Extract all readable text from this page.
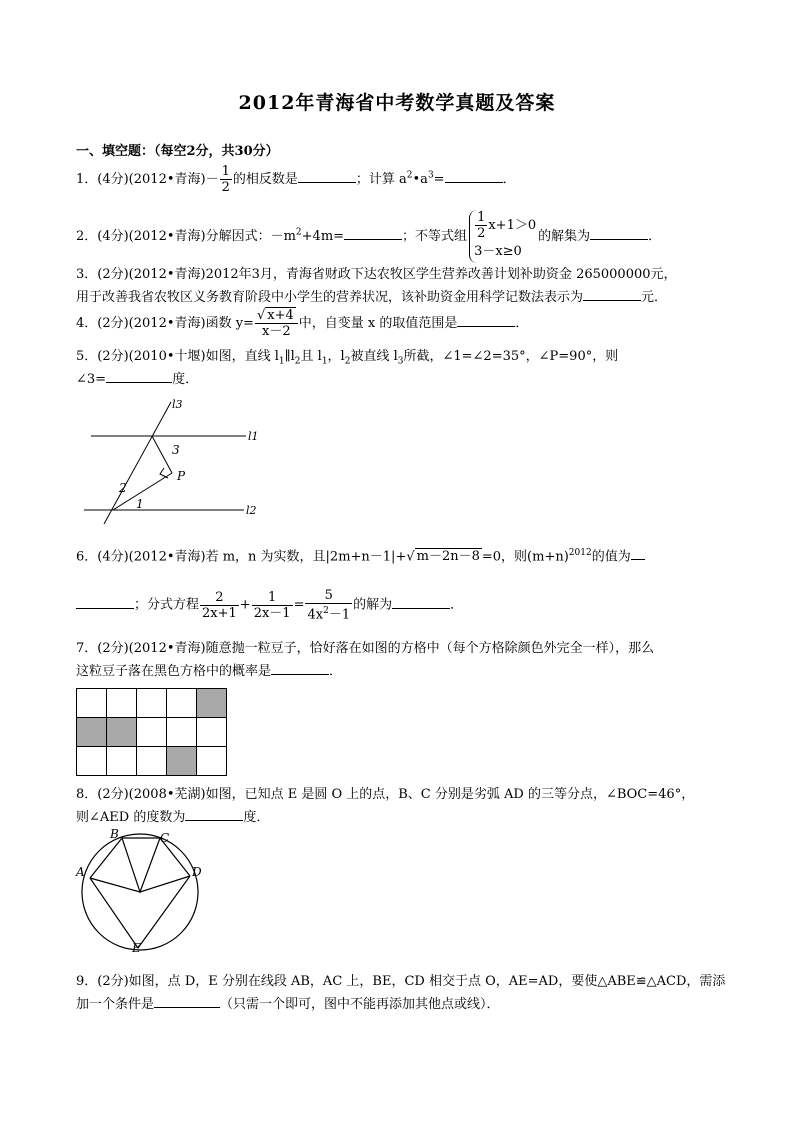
2012年青海省中考数学真题及答案
一、填空题：（每空2分，共30分）
1．(4分)(2012•青海)－ $\frac{1}{2}$ 的相反数是	；计算 $a^2•a^3=$	．
2．(4分)(2012•青海)分解因式：$-m^2+4m=$	；不等式组 $\frac{1}{2} x+1>0$
3－x≥0
的解集为	．
3．(2分)(2012•青海)2012年3月，青海省财政下达农牧区学生营养改善计划补助资金 265000000元，
用于改善我省农牧区义务教育阶段中小学生的营养状况，该补助资金用科学记数法表示为	元．
4．(2分)(2012•青海)函数 $y= \frac{√ x+4}{x-2}$ 中，自变量 x 的取值范围是	．
5．(2分)(2010•十堰)如图，直线 $l_1\parallel l_2$且 $l_1$，$l_2$被直线 $l_3$所截，∠1=∠2=35°，∠P=90°，则
∠3=	度．
l3
l1
l2
3
P
2
1
6．(4分)(2012•青海)若 m，n 为实数，且|2m+n－1|+√ m－2n－8 =0，则$(m+n)^{2012}$的值为
；分式方程 $\frac{2}{2x+1} + \frac{1}{2x-1} = \frac{5}{4x^2-1}$ 的解为	．
7．(2分)(2012•青海)随意抛一粒豆子，恰好落在如图的方格中（每个方格除颜色外完全一样），那么
这粒豆子落在黑色方格中的概率是	．

8．(2分)(2008•芜湖)如图，已知点 E 是圆 O 上的点，B、C 分别是劣弧 AD 的三等分点，∠BOC=46°，
则∠AED 的度数为	度．
A
B	C
D
E
9．(2分)如图，点 D，E 分别在线段 AB，AC 上，BE，CD 相交于点 O，AE=AD，要使△ABE≌△ACD，需添
加一个条件是	（只需一个即可，图中不能再添加其他点或线）．
